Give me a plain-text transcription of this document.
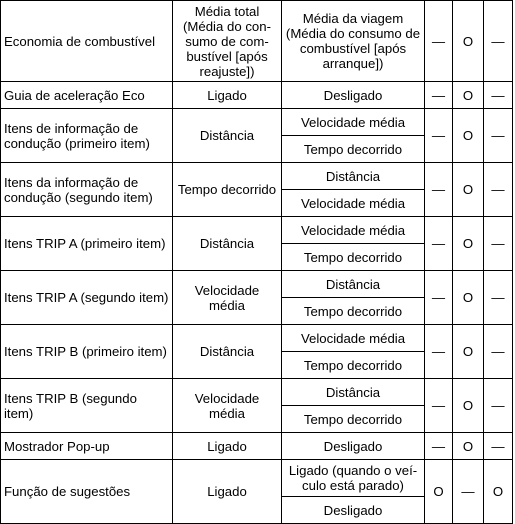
Economia de combustível	Média total (Média do con-sumo de com-bustível [após reajuste])	Média da viagem (Média do consumo de combustível [após arranque])	—	O	—
Guia de aceleração Eco	Ligado	Desligado	—	O	—
Itens de informação de condução (primeiro item)	Distância	Velocidade média	—	O	—
		Tempo decorrido			
Itens da informação de condução (segundo item)	Tempo decorrido	Distância	—	O	—
		Velocidade média			
Itens TRIP A (primeiro item)	Distância	Velocidade média	—	O	—
		Tempo decorrido			
Itens TRIP A (segundo item)	Velocidade média	Distância	—	O	—
		Tempo decorrido			
Itens TRIP B (primeiro item)	Distância	Velocidade média	—	O	—
		Tempo decorrido			
Itens TRIP B (segundo item)	Velocidade média	Distância	—	O	—
		Tempo decorrido			
Mostrador Pop-up	Ligado	Desligado	—	O	—
Função de sugestões	Ligado	Ligado (quando o veí-culo está parado)	O	—	O
		Desligado			
